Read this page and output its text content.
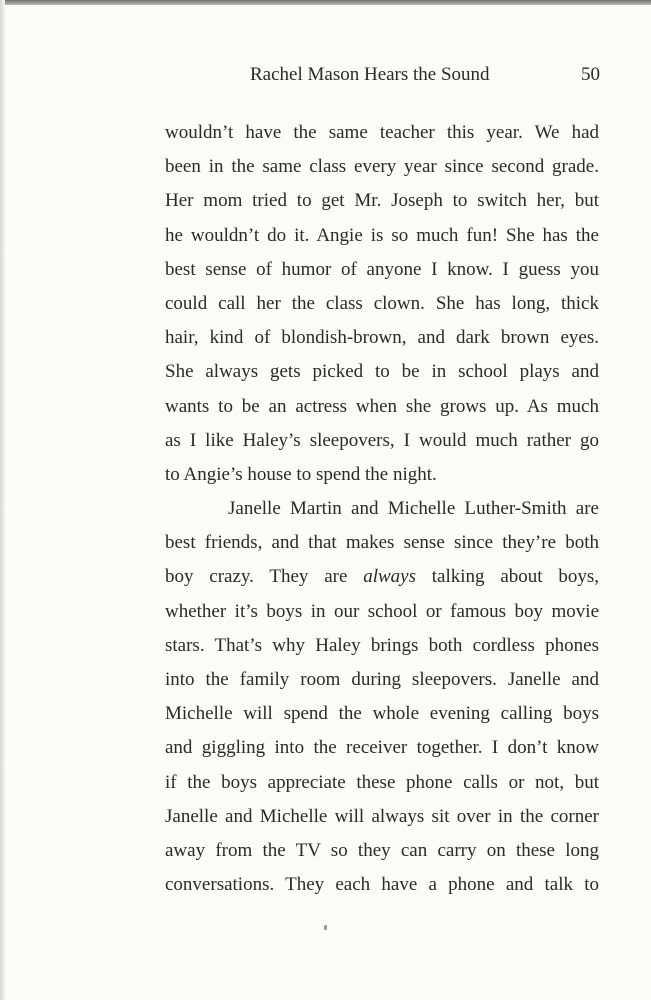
Rachel Mason Hears the Sound	50
wouldn’t have the same teacher this year. We had
been in the same class every year since second grade.
Her mom tried to get Mr. Joseph to switch her, but
he wouldn’t do it. Angie is so much fun! She has the
best sense of humor of anyone I know. I guess you
could call her the class clown. She has long, thick
hair, kind of blondish-brown, and dark brown eyes.
She always gets picked to be in school plays and
wants to be an actress when she grows up. As much
as I like Haley’s sleepovers, I would much rather go
to Angie’s house to spend the night.
Janelle Martin and Michelle Luther-Smith are
best friends, and that makes sense since they’re both
boy crazy. They are always talking about boys,
whether it’s boys in our school or famous boy movie
stars. That’s why Haley brings both cordless phones
into the family room during sleepovers. Janelle and
Michelle will spend the whole evening calling boys
and giggling into the receiver together. I don’t know
if the boys appreciate these phone calls or not, but
Janelle and Michelle will always sit over in the corner
away from the TV so they can carry on these long
conversations. They each have a phone and talk to
